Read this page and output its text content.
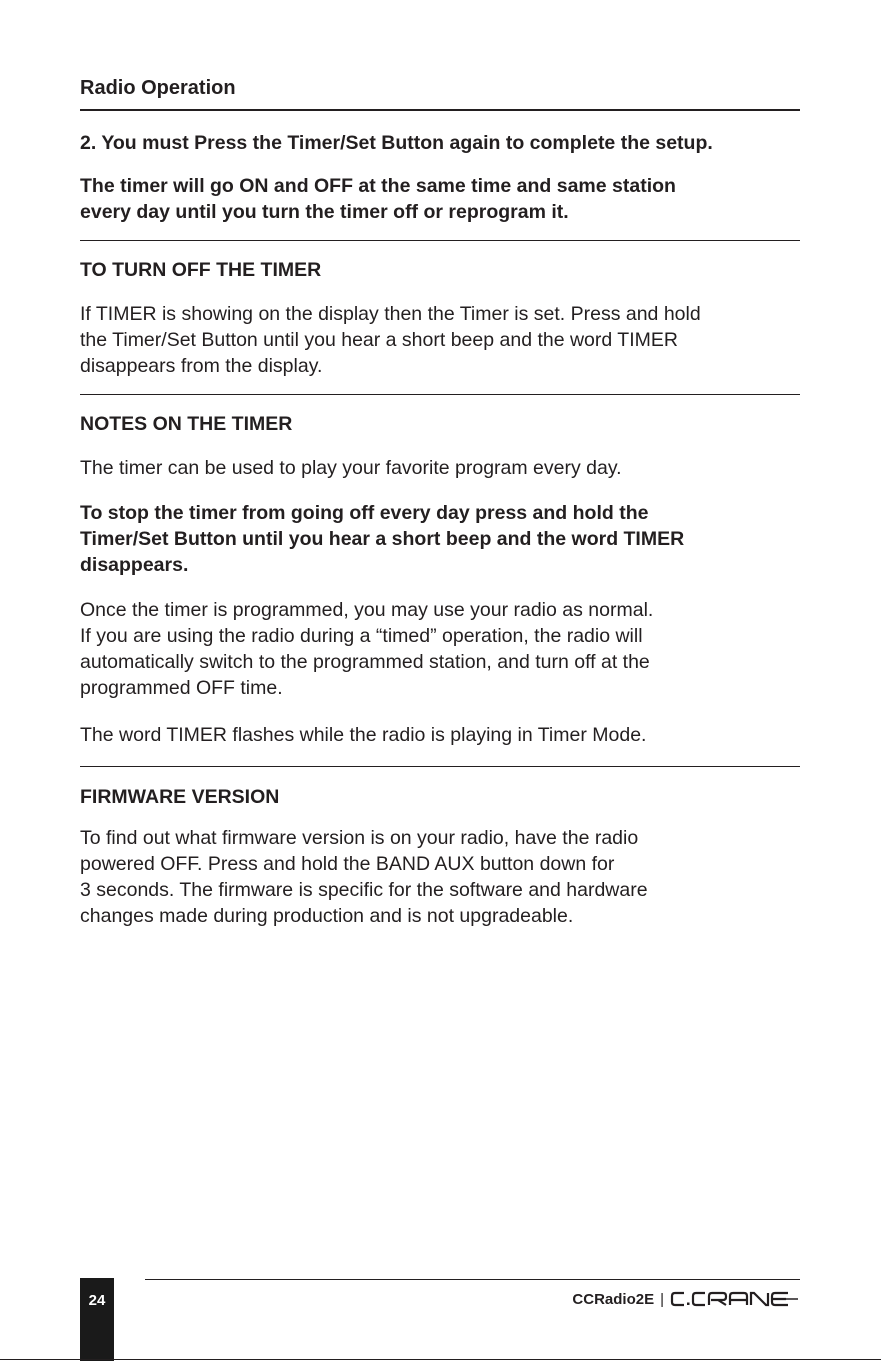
Radio Operation

2. You must Press the Timer/Set Button again to complete the setup.

The timer will go ON and OFF at the same time and same station
every day until you turn the timer off or reprogram it.
TO TURN OFF THE TIMER
If TIMER is showing on the display then the Timer is set. Press and hold
the Timer/Set Button until you hear a short beep and the word TIMER
disappears from the display.
NOTES ON THE TIMER

The timer can be used to play your favorite program every day.

To stop the timer from going off every day press and hold the
Timer/Set Button until you hear a short beep and the word TIMER
disappears.
Once the timer is programmed, you may use your radio as normal.
If you are using the radio during a “timed” operation, the radio will
automatically switch to the programmed station, and turn off at the
programmed OFF time.

The word TIMER flashes while the radio is playing in Timer Mode.

FIRMWARE VERSION
To find out what firmware version is on your radio, have the radio
powered OFF. Press and hold the BAND AUX button down for
3 seconds. The firmware is specific for the software and hardware
changes made during production and is not upgradeable.
24	CCRadio2E |
